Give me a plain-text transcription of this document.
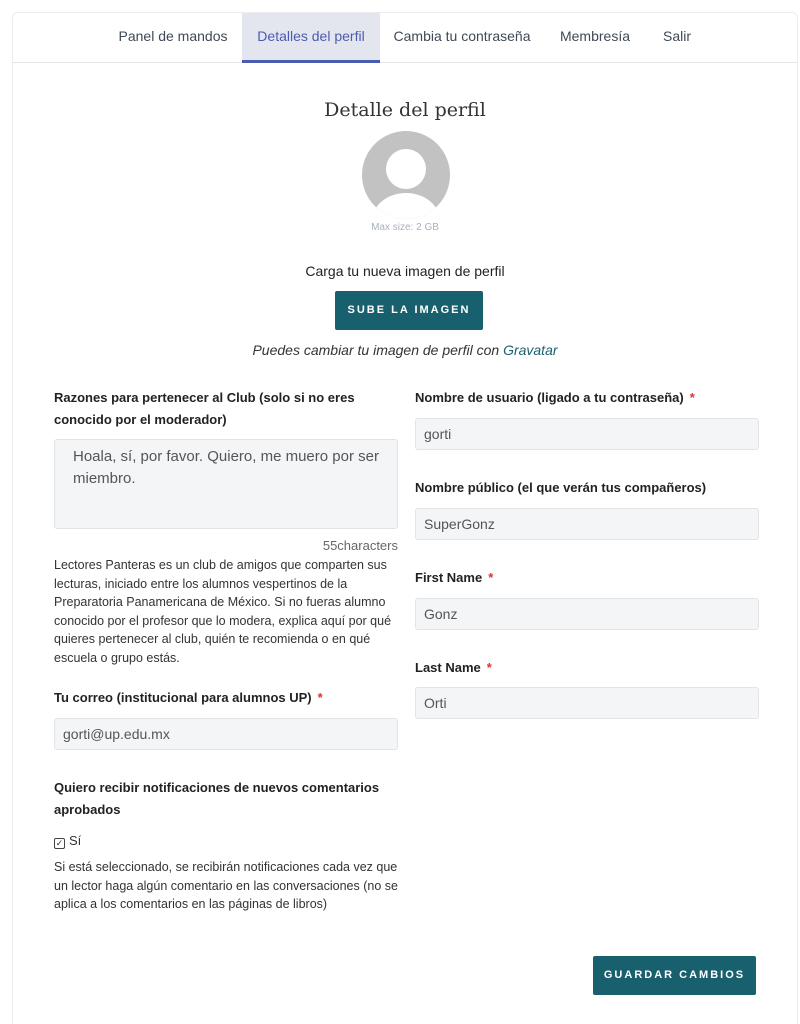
Panel de mandos	Detalles del perfil	Cambia tu contraseña	Membresía	Salir
Detalle del perfil
Max size: 2 GB
Carga tu nueva imagen de perfil
SUBE LA IMAGEN
Puedes cambiar tu imagen de perfil con Gravatar
Razones para pertenecer al Club (solo si no eres conocido por el moderador)
Hoala, sí, por favor. Quiero, me muero por ser miembro.
55characters
Lectores Panteras es un club de amigos que comparten sus lecturas, iniciado entre los alumnos vespertinos de la Preparatoria Panamericana de México. Si no fueras alumno conocido por el profesor que lo modera, explica aquí por qué quieres pertenecer al club, quién te recomienda o en qué escuela o grupo estás.
Tu correo (institucional para alumnos UP) *
gorti@up.edu.mx
Quiero recibir notificaciones de nuevos comentarios aprobados
✓ Sí
Si está seleccionado, se recibirán notificaciones cada vez que un lector haga algún comentario en las conversaciones (no se aplica a los comentarios en las páginas de libros)
Nombre de usuario (ligado a tu contraseña) *
gorti
Nombre público (el que verán tus compañeros)
SuperGonz
First Name *
Gonz
Last Name *
Orti
GUARDAR CAMBIOS
